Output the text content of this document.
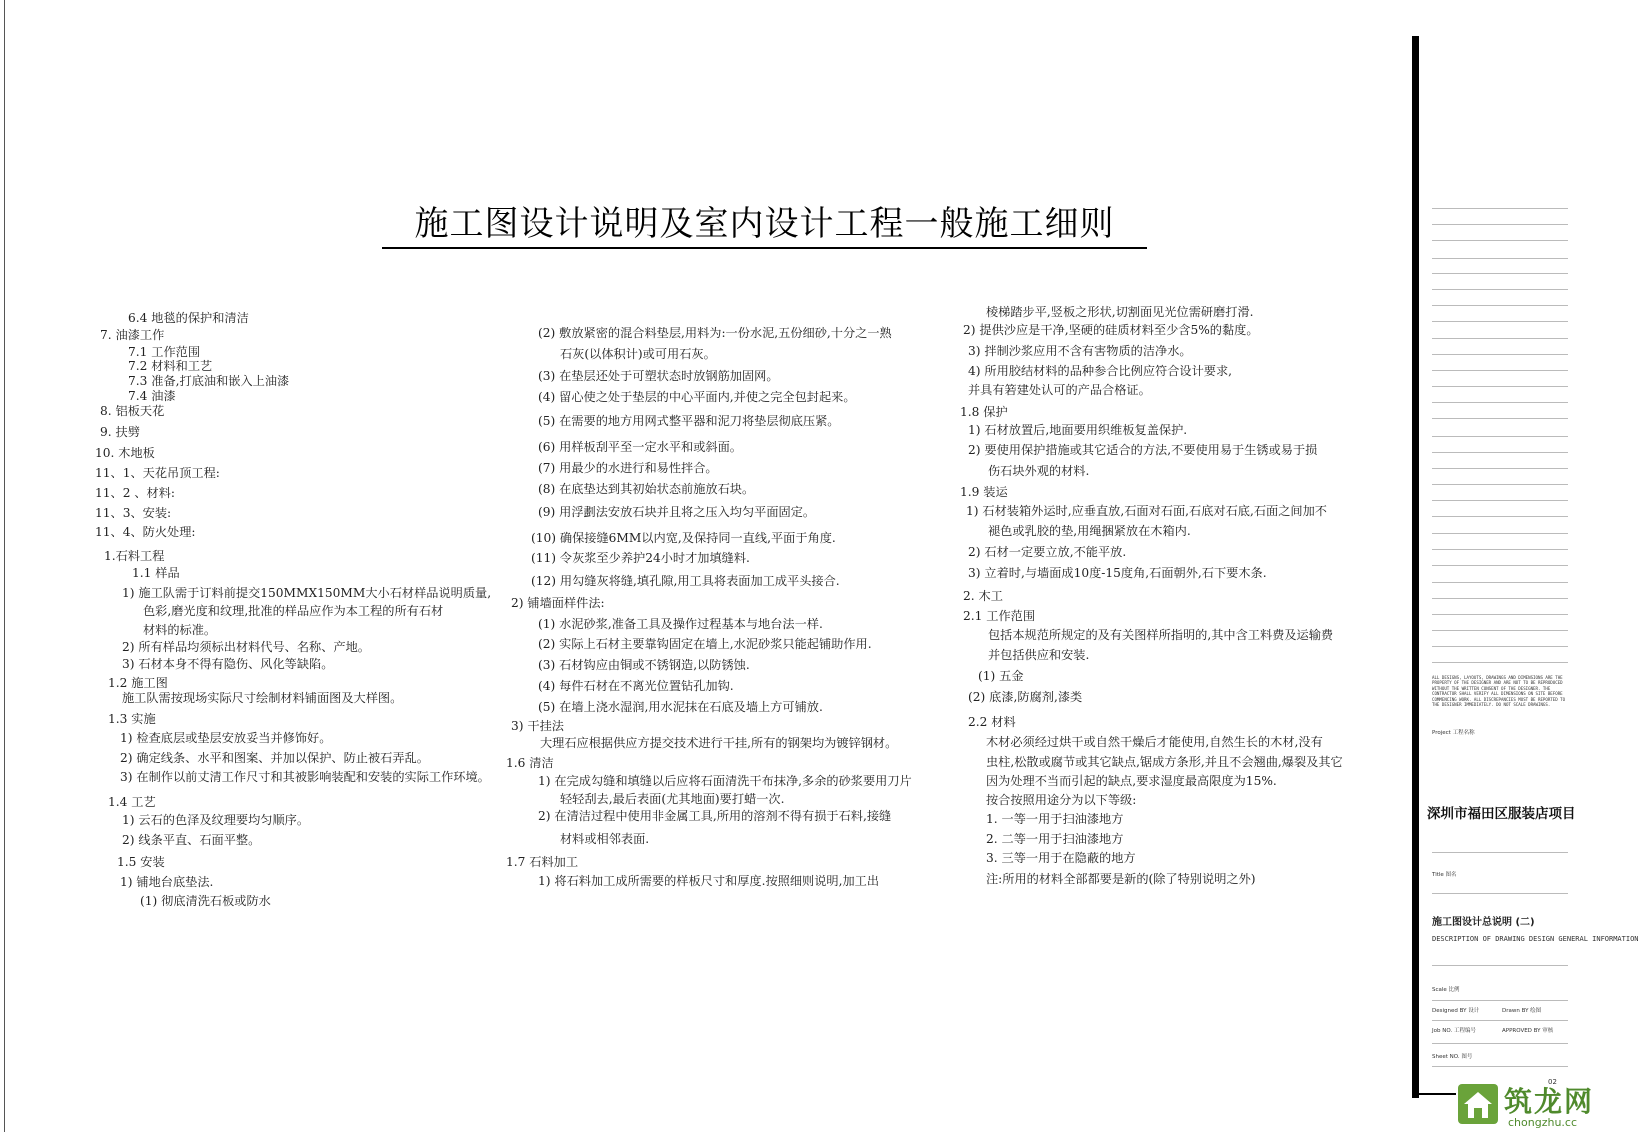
施工图设计说明及室内设计工程一般施工细则
6.4 地毯的保护和清洁
7. 油漆工作
7.1 工作范围
7.2 材料和工艺
7.3 准备,打底油和嵌入上油漆
7.4 油漆
8. 铝板天花
9. 扶劈
10. 木地板
11、1、天花吊顶工程:
11、2 、材料:
11、3、安装:
11、4、防火处理:
1.石料工程
1.1 样品
1) 施工队需于订料前提交150MMX150MM大小石材样品说明质量,
色彩,磨光度和纹理,批准的样品应作为本工程的所有石材
材料的标准。
2) 所有样品均须标出材料代号、名称、产地。
3) 石材本身不得有隐伤、风化等缺陷。
1.2 施工图
施工队需按现场实际尺寸绘制材料铺面图及大样图。
1.3 实施
1) 检查底层或垫层安放妥当并修饰好。
2) 确定线条、水平和图案、并加以保护、防止被石弄乱。
3) 在制作以前丈清工作尺寸和其被影响装配和安装的实际工作环境。
1.4 工艺
1) 云石的色泽及纹理要均匀顺序。
2) 线条平直、石面平整。
1.5 安装
1) 铺地台底垫法.
(1) 彻底清洗石板或防水
(2) 敷放紧密的混合料垫层,用料为:一份水泥,五份细砂,十分之一熟
石灰(以体积计)或可用石灰。
(3) 在垫层还处于可塑状态时放钢筋加固网。
(4) 留心使之处于垫层的中心平面内,并使之完全包封起来。
(5) 在需要的地方用网式整平器和泥刀将垫层彻底压紧。
(6) 用样板刮平至一定水平和或斜面。
(7) 用最少的水进行和易性拌合。
(8) 在底垫达到其初始状态前施放石块。
(9) 用浮劃法安放石块并且将之压入均匀平面固定。
(10) 确保接缝6MM以内宽,及保持同一直线,平面于角度.
(11) 令灰浆至少养护24小时才加填缝料.
(12) 用勾缝灰将缝,填孔隙,用工具将表面加工成平头接合.
2) 铺墙面样件法:
(1) 水泥砂浆,准备工具及操作过程基本与地台法一样.
(2) 实际上石材主要靠钩固定在墙上,水泥砂浆只能起铺助作用.
(3) 石材钩应由铜或不锈钢造,以防锈蚀.
(4) 每件石材在不离光位置钻孔加钩.
(5) 在墙上浇水湿润,用水泥抹在石底及墙上方可铺放.
3) 干挂法
大理石应根据供应方提交技术进行干挂,所有的钢架均为镀锌钢材。
1.6 清洁
1) 在完成勾缝和填缝以后应将石面清洗干布抹净,多余的砂浆要用刀片
轻轻刮去,最后表面(尤其地面)要打蜡一次.
2) 在清洁过程中使用非金属工具,所用的溶剂不得有损于石料,接缝
材料或相邻表面.
1.7 石料加工
1) 将石料加工成所需要的样板尺寸和厚度.按照细则说明,加工出
棱梯踏步平,竖板之形状,切割面见光位需研磨打滑.
2) 提供沙应是干净,坚硬的硅质材料至少含5%的黏度。
3) 拌制沙浆应用不含有害物质的洁净水。
4) 所用胶结材料的品种参合比例应符合设计要求,
并具有箬建处认可的产品合格证。
1.8 保护
1) 石材放置后,地面要用织维板复盖保护.
2) 要使用保护措施或其它适合的方法,不要使用易于生锈或易于损
伤石块外观的材料.
1.9 装运
1) 石材装箱外运时,应垂直放,石面对石面,石底对石底,石面之间加不
褪色或乳胶的垫,用绳捆紧放在木箱内.
2) 石材一定要立放,不能平放.
3) 立着时,与墙面成10度-15度角,石面朝外,石下要木条.
2. 木工
2.1 工作范围
包括本规范所规定的及有关图样所指明的,其中含工料费及运输费
并包括供应和安装.
(1) 五金
(2) 底漆,防腐剂,漆类
2.2 材料
木材必须经过烘干或自然干燥后才能使用,自然生长的木材,没有
虫柱,松散或腐节或其它缺点,锯成方条形,并且不会翘曲,爆裂及其它
因为处理不当而引起的缺点,要求湿度最高限度为15%.
按合按照用途分为以下等级:
1. 一等一用于扫油漆地方
2. 二等一用于扫油漆地方
3. 三等一用于在隐蔽的地方
注:所用的材料全部都要是新的(除了特别说明之外)
ALL DESIGNS, LAYOUTS, DRAWINGS AND DIMENSIONS ARE THE PROPERTY OF THE DESIGNER AND ARE NOT TO BE REPRODUCED WITHOUT THE WRITTEN CONSENT OF THE DESIGNER. THE CONTRACTOR SHALL VERIFY ALL DIMENSIONS ON SITE BEFORE COMMENCING WORK. ALL DISCREPANCIES MUST BE REPORTED TO THE DESIGNER IMMEDIATELY. DO NOT SCALE DRAWINGS.
Project 工程名称
深圳市福田区服装店项目
Title 图名
施工图设计总说明 (二)
DESCRIPTION OF DRAWING DESIGN GENERAL INFORMATION
Scale 比例
Designed BY 设计	Drawn BY 绘图
Job NO. 工程编号	APPROVED BY 审核
Sheet NO. 图号
02
筑龙网
chongzhu.cc
